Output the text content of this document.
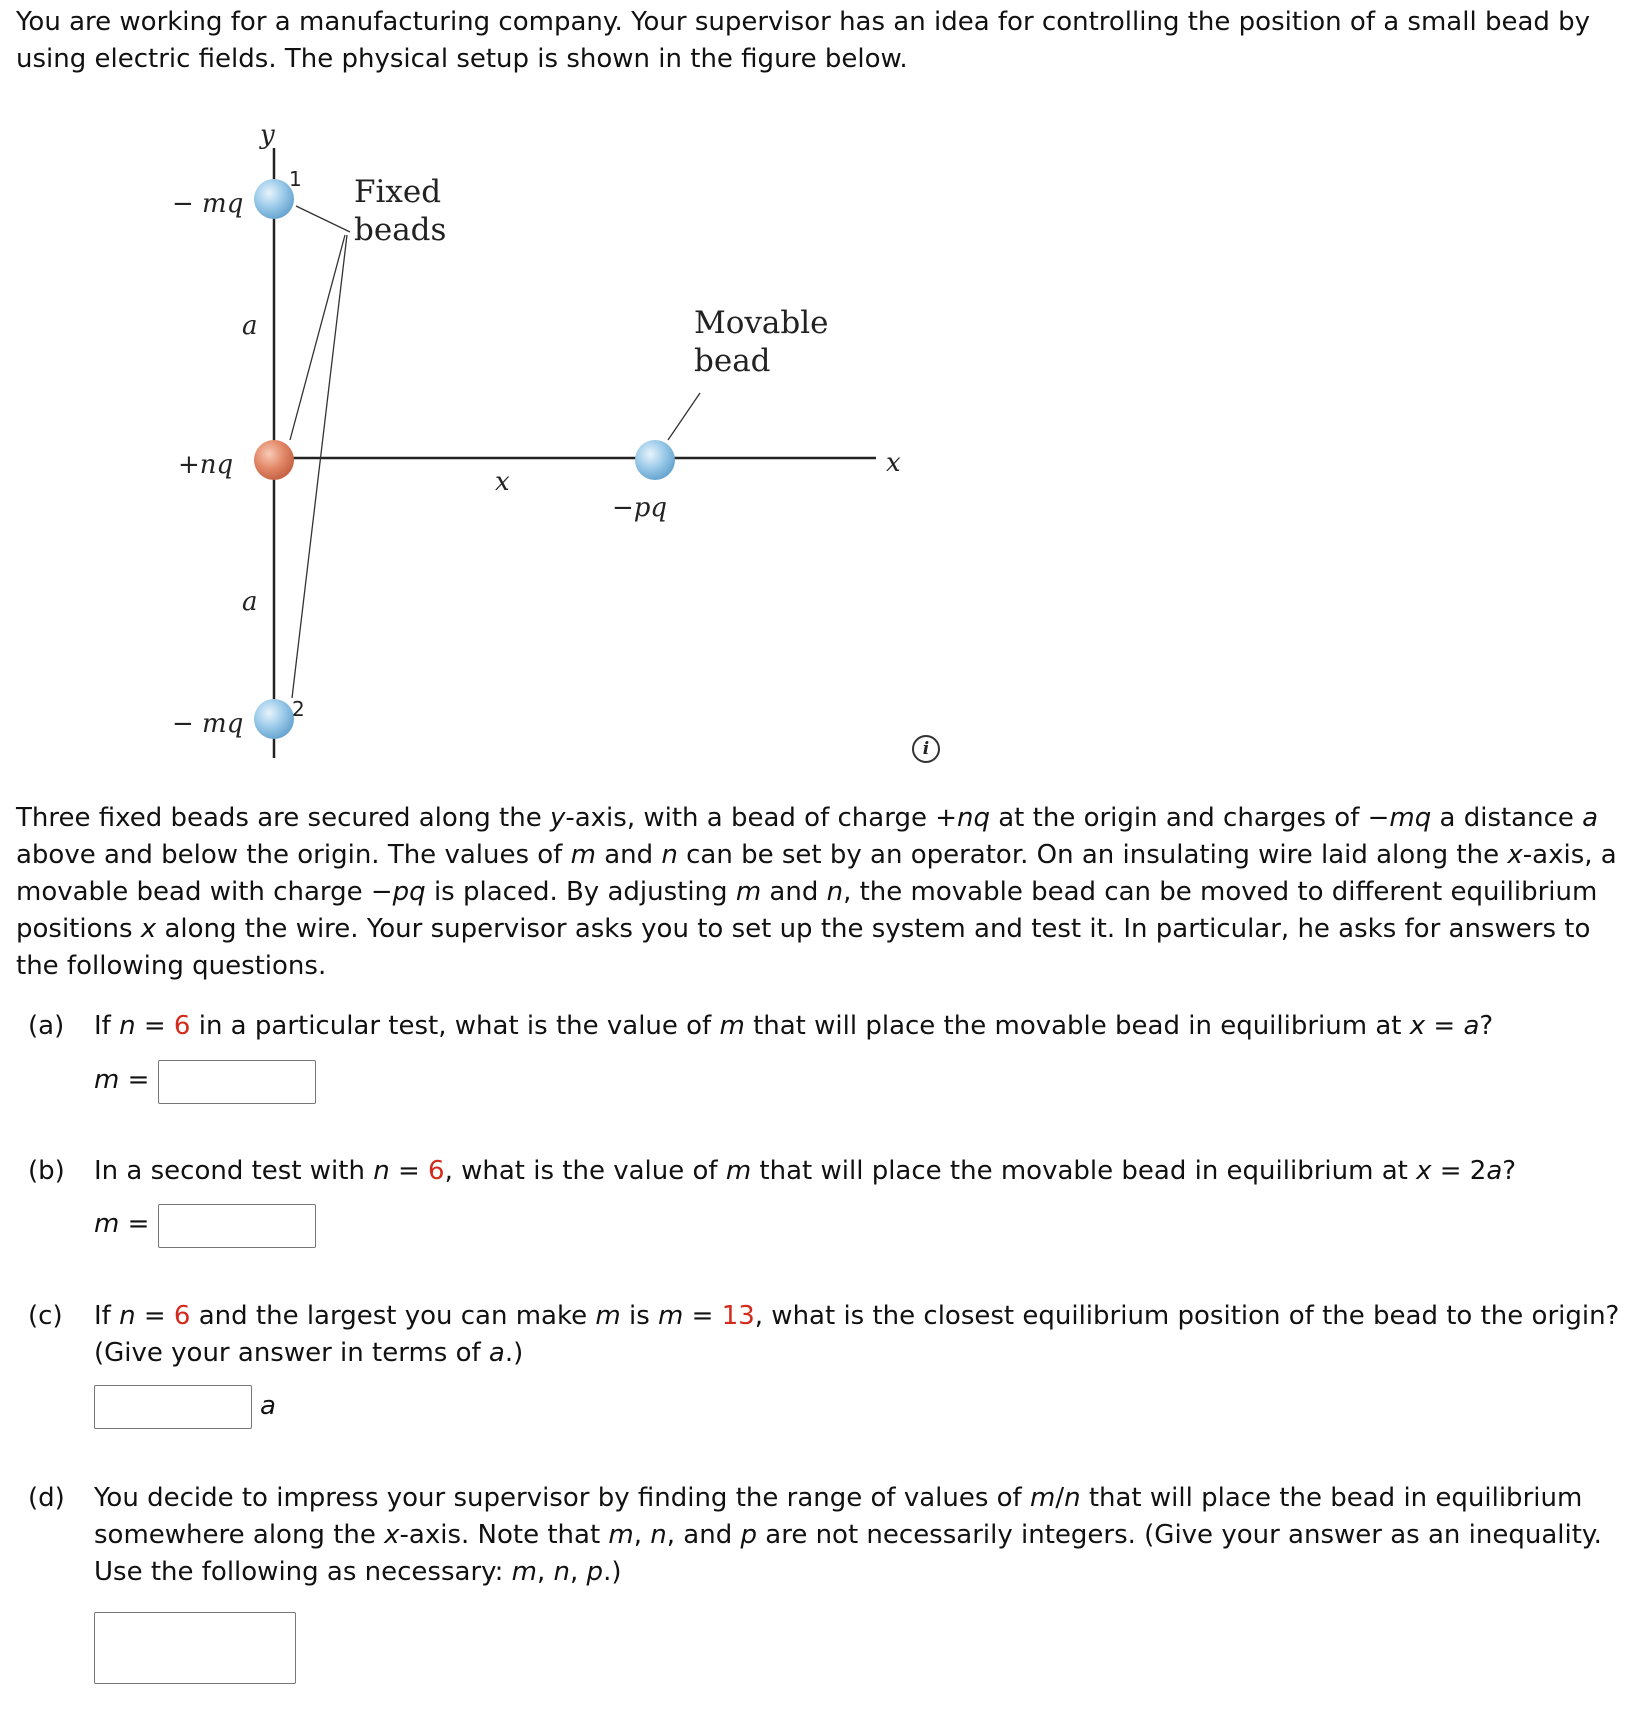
You are working for a manufacturing company. Your supervisor has an idea for controlling the position of a small bead by
using electric fields. The physical setup is shown in the figure below.
y
− mq
a
+nq
x
−pq
x
a
− mq
Fixed
beads
Movable
bead
1
2
i
Three fixed beads are secured along the y-axis, with a bead of charge +nq at the origin and charges of −mq a distance a
above and below the origin. The values of m and n can be set by an operator. On an insulating wire laid along the x-axis, a
movable bead with charge −pq is placed. By adjusting m and n, the movable bead can be moved to different equilibrium
positions x along the wire. Your supervisor asks you to set up the system and test it. In particular, he asks for answers to
the following questions.
(a) If n = 6 in a particular test, what is the value of m that will place the movable bead in equilibrium at x = a?
m =
(b) In a second test with n = 6, what is the value of m that will place the movable bead in equilibrium at x = 2a?
m =
(c) If n = 6 and the largest you can make m is m = 13, what is the closest equilibrium position of the bead to the origin?
(Give your answer in terms of a.)
a
(d) You decide to impress your supervisor by finding the range of values of m/n that will place the bead in equilibrium
somewhere along the x-axis. Note that m, n, and p are not necessarily integers. (Give your answer as an inequality.
Use the following as necessary: m, n, p.)
